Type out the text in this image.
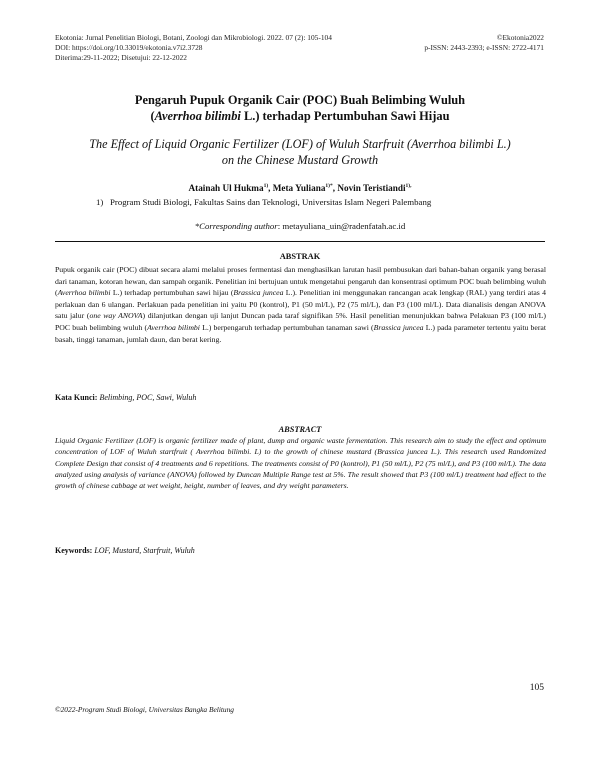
Ekotonia: Jurnal Penelitian Biologi, Botani, Zoologi dan Mikrobiologi. 2022. 07 (2): 105-104
DOI: https://doi.org/10.33019/ekotonia.v7i2.3728
Diterima:29-11-2022; Disetujui: 22-12-2022
©Ekotonia2022
p-ISSN: 2443-2393; e-ISSN: 2722-4171
Pengaruh Pupuk Organik Cair (POC) Buah Belimbing Wuluh
(Averrhoa bilimbi L.) terhadap Pertumbuhan Sawi Hijau
The Effect of Liquid Organic Fertilizer (LOF) of Wuluh Starfruit (Averrhoa bilimbi L.)
on the Chinese Mustard Growth
Atainah Ul Hukma$^{1)}$, Meta Yuliana$^{1)*}$, Novin Teristiandi$^{1),}$
1) Program Studi Biologi, Fakultas Sains dan Teknologi, Universitas Islam Negeri Palembang
*Corresponding author: metayuliana_uin@radenfatah.ac.id
ABSTRAK
Pupuk organik cair (POC) dibuat secara alami melalui proses fermentasi dan menghasilkan larutan hasil pembusukan dari bahan-bahan organik yang berasal dari tanaman, kotoran hewan, dan sampah organik. Penelitian ini bertujuan untuk mengetahui pengaruh dan konsentrasi optimum POC buah belimbing wuluh (Averrhoa bilimbi L.) terhadap pertumbuhan sawi hijau (Brassica juncea L.). Penelitian ini menggunakan rancangan acak lengkap (RAL) yang terdiri atas 4 perlakuan dan 6 ulangan. Perlakuan pada penelitian ini yaitu P0 (kontrol), P1 (50 ml/L), P2 (75 ml/L), dan P3 (100 ml/L). Data dianalisis dengan ANOVA satu jalur (one way ANOVA) dilanjutkan dengan uji lanjut Duncan pada taraf signifikan 5%. Hasil penelitian menunjukkan bahwa Pelakuan P3 (100 ml/L) POC buah belimbing wuluh (Averrhoa bilimbi L.) berpengaruh terhadap pertumbuhan tanaman sawi (Brassica juncea L.) pada parameter tertentu yaitu berat basah, tinggi tanaman, jumlah daun, dan berat kering.
Kata Kunci: Belimbing, POC, Sawi, Wuluh
ABSTRACT
Liquid Organic Fertilizer (LOF) is organic fertilizer made of plant, dump and organic waste fermentation. This research aim to study the effect and optimum concentration of LOF of Wuluh startfruit ( Averrhoa bilimbi. L) to the growth of chinese mustard (Brassica juncea L.). This research used Randomized Complete Design that consist of 4 treatments and 6 repetitions. The treatments consist of P0 (kontrol), P1 (50 ml/L), P2 (75 ml/L), and P3 (100 ml/L). The data analyzed using analysis of variance (ANOVA) followed by Duncan Multiple Range test at 5%. The result showed that P3 (100 ml/L) treatment had effect to the growth of chinese cabbage at wet weight, height, number of leaves, and dry weight parameters.
Keywords: LOF, Mustard, Starfruit, Wuluh
105
©2022-Program Studi Biologi, Universitas Bangka Belitung
